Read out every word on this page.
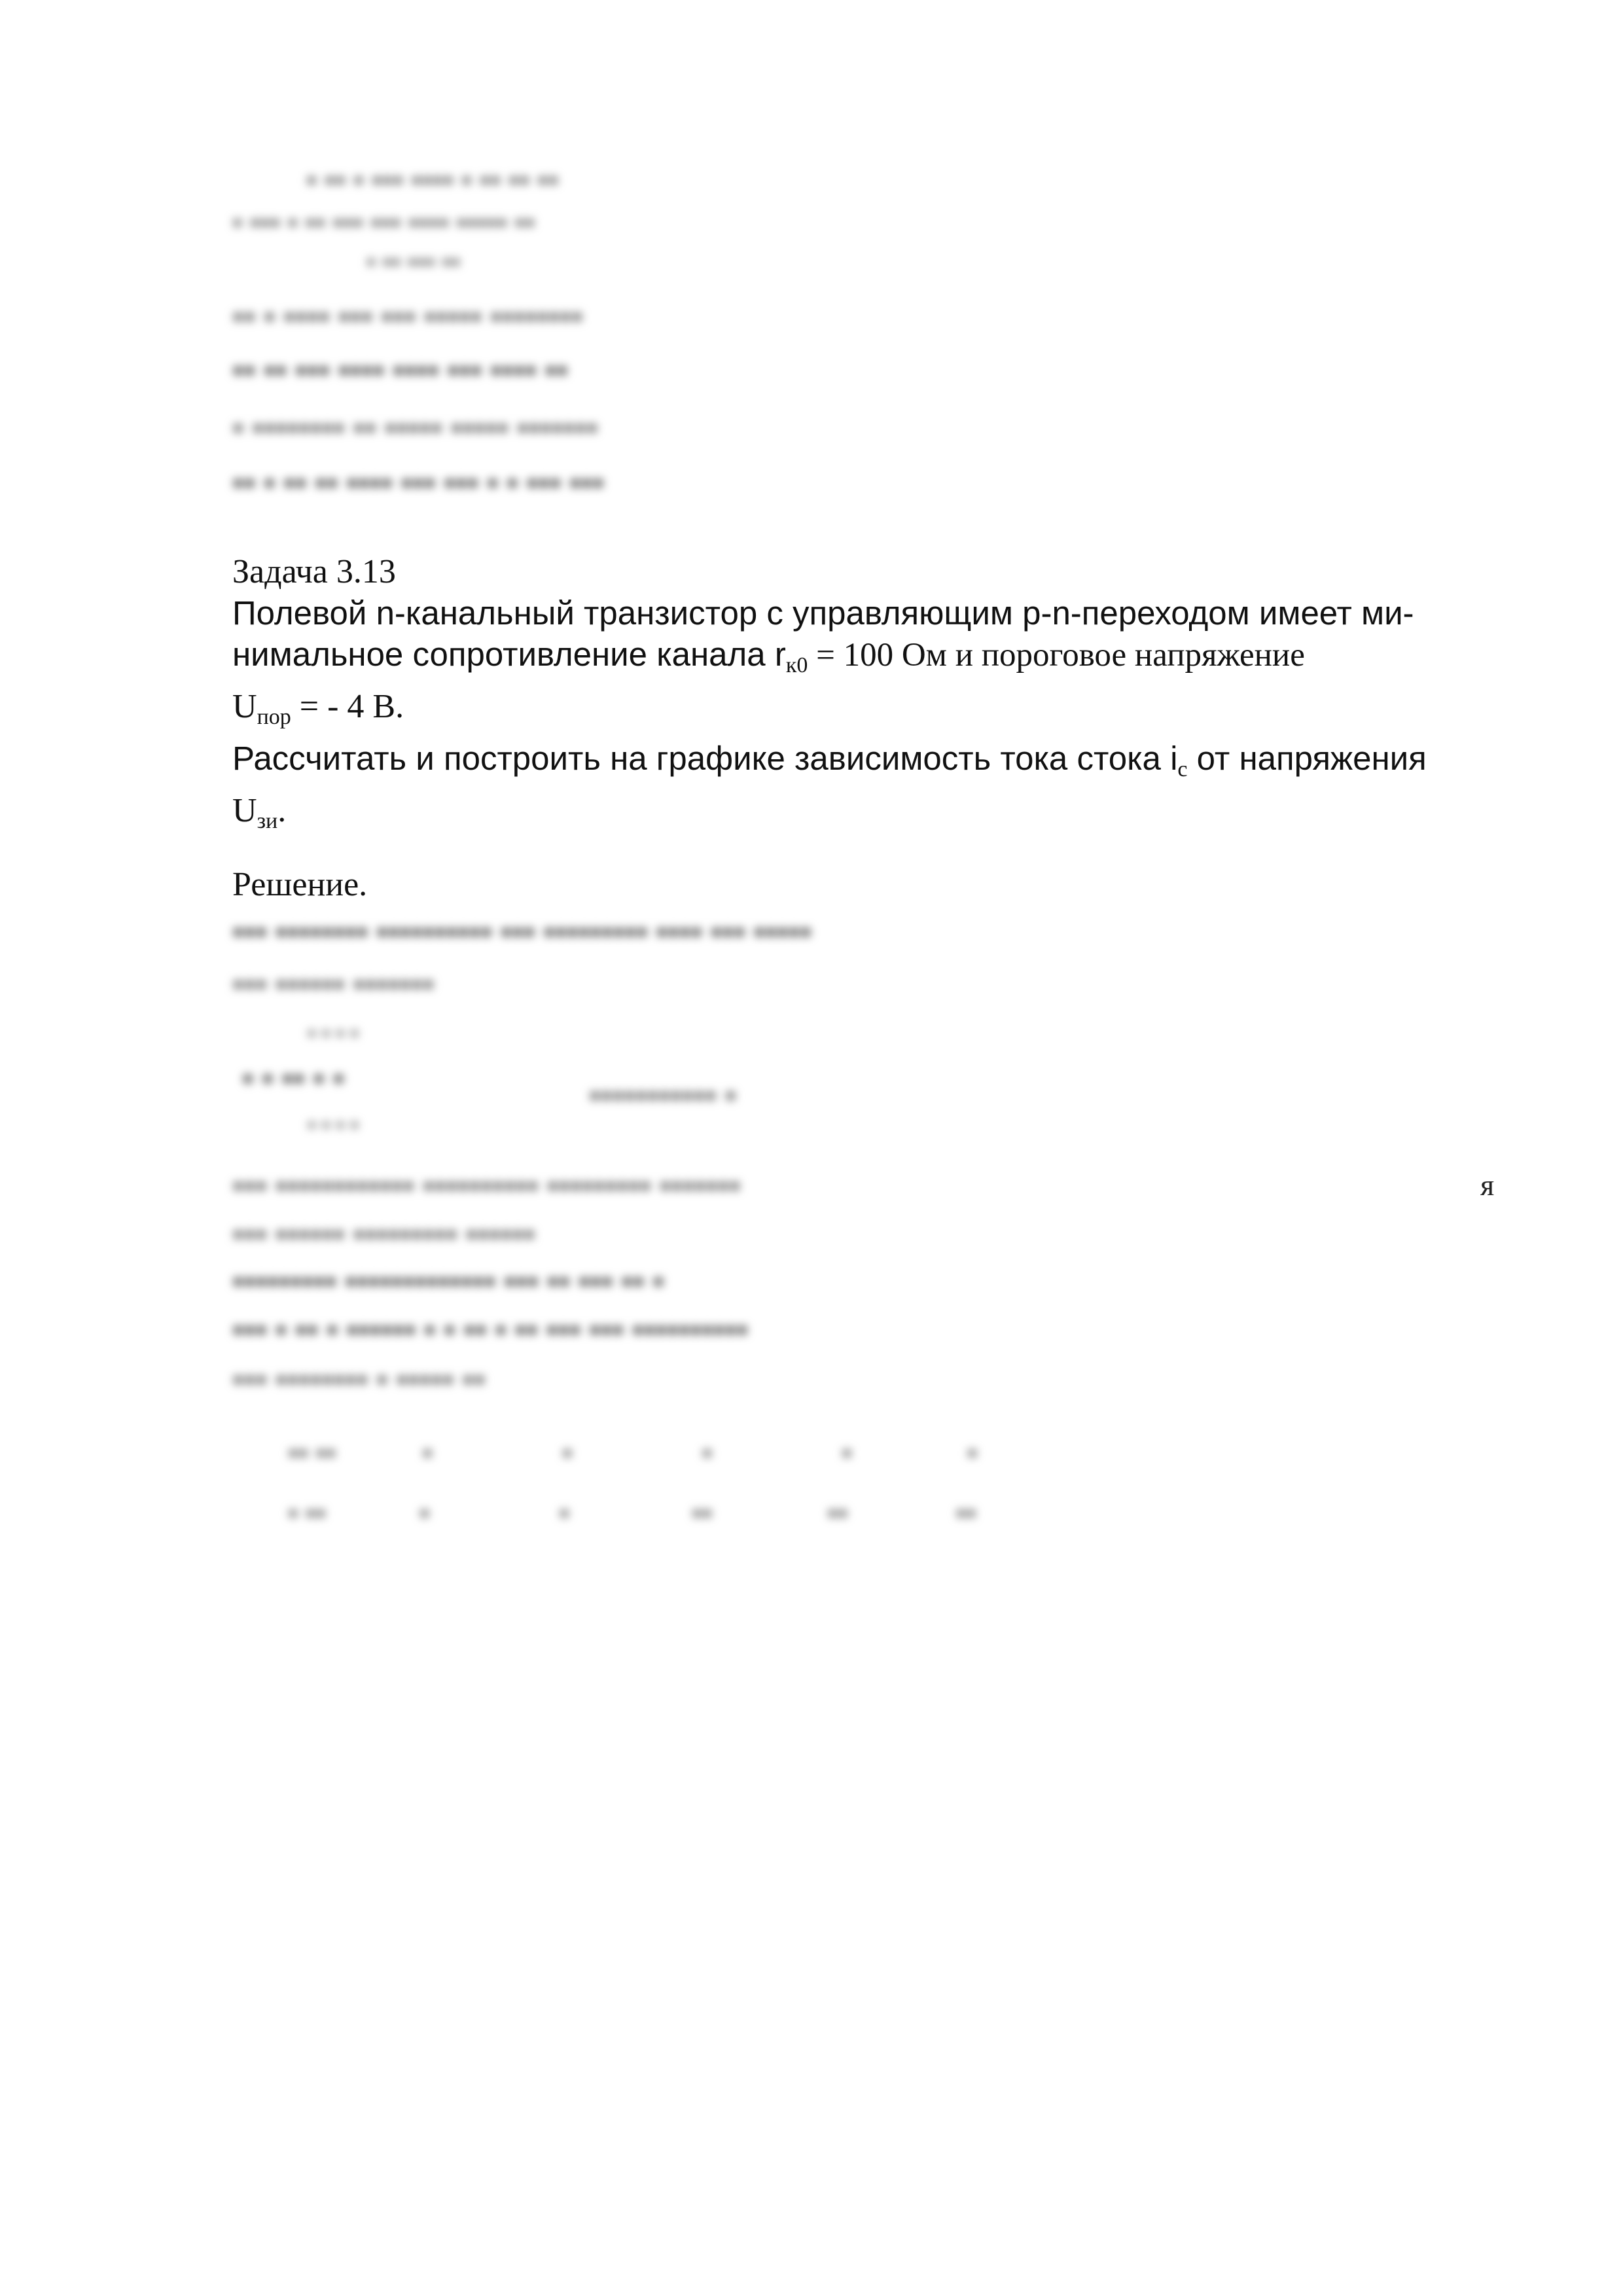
▪ ▪▪ ▪ ▪▪▪ ▪▪▪▪ ▪ ▪▪ ▪▪ ▪▪
▪ ▪▪▪ ▪ ▪▪ ▪▪▪ ▪▪▪ ▪▪▪▪ ▪▪▪▪▪ ▪▪
▪ ▪▪ ▪▪▪ ▪▪
▪▪ ▪ ▪▪▪▪ ▪▪▪ ▪▪▪ ▪▪▪▪▪ ▪▪▪▪▪▪▪▪
▪▪ ▪▪ ▪▪▪ ▪▪▪▪ ▪▪▪▪ ▪▪▪ ▪▪▪▪ ▪▪
▪ ▪▪▪▪▪▪▪▪ ▪▪ ▪▪▪▪▪ ▪▪▪▪▪ ▪▪▪▪▪▪▪
▪▪ ▪ ▪▪ ▪▪ ▪▪▪▪ ▪▪▪ ▪▪▪ ▪ ▪ ▪▪▪ ▪▪▪
Задача 3.13
Полевой n-канальный транзистор с управляющим p-n-переходом имеет ми-
нимальное сопротивление канала $r_{к0} = 100$ Ом и пороговое напряжение
$U_{пор}$ = - 4 В.
Рассчитать и построить на графике зависимость тока стока $i_с$ от напряжения
$U_{зи}$.
Решение.
▪▪▪ ▪▪▪▪▪▪▪▪ ▪▪▪▪▪▪▪▪▪▪ ▪▪▪ ▪▪▪▪▪▪▪▪▪ ▪▪▪▪ ▪▪▪ ▪▪▪▪▪
▪▪▪ ▪▪▪▪▪▪ ▪▪▪▪▪▪▪
▪ ▪ ▪ ▪
▪ ▪ ▪▪ ▪ ▪	▪▪▪▪▪▪▪▪▪▪▪ ▪
▪ ▪ ▪ ▪
▪▪▪ ▪▪▪▪▪▪▪▪▪▪▪▪ ▪▪▪▪▪▪▪▪▪▪ ▪▪▪▪▪▪▪▪▪ ▪▪▪▪▪▪▪
▪▪▪ ▪▪▪▪▪▪ ▪▪▪▪▪▪▪▪▪ ▪▪▪▪▪▪
▪▪▪▪▪▪▪▪▪ ▪▪▪▪▪▪▪▪▪▪▪▪▪ ▪▪▪ ▪▪ ▪▪▪ ▪▪ ▪
▪▪▪ ▪ ▪▪ ▪ ▪▪▪▪▪▪ ▪ ▪ ▪▪ ▪ ▪▪ ▪▪▪ ▪▪▪ ▪▪▪▪▪▪▪▪▪▪
▪▪▪ ▪▪▪▪▪▪▪▪ ▪ ▪▪▪▪▪ ▪▪
я
▪▪ ▪▪            ▪                  ▪                  ▪                  ▪                ▪
▪ ▪▪             ▪                  ▪                 ▪▪                ▪▪               ▪▪
